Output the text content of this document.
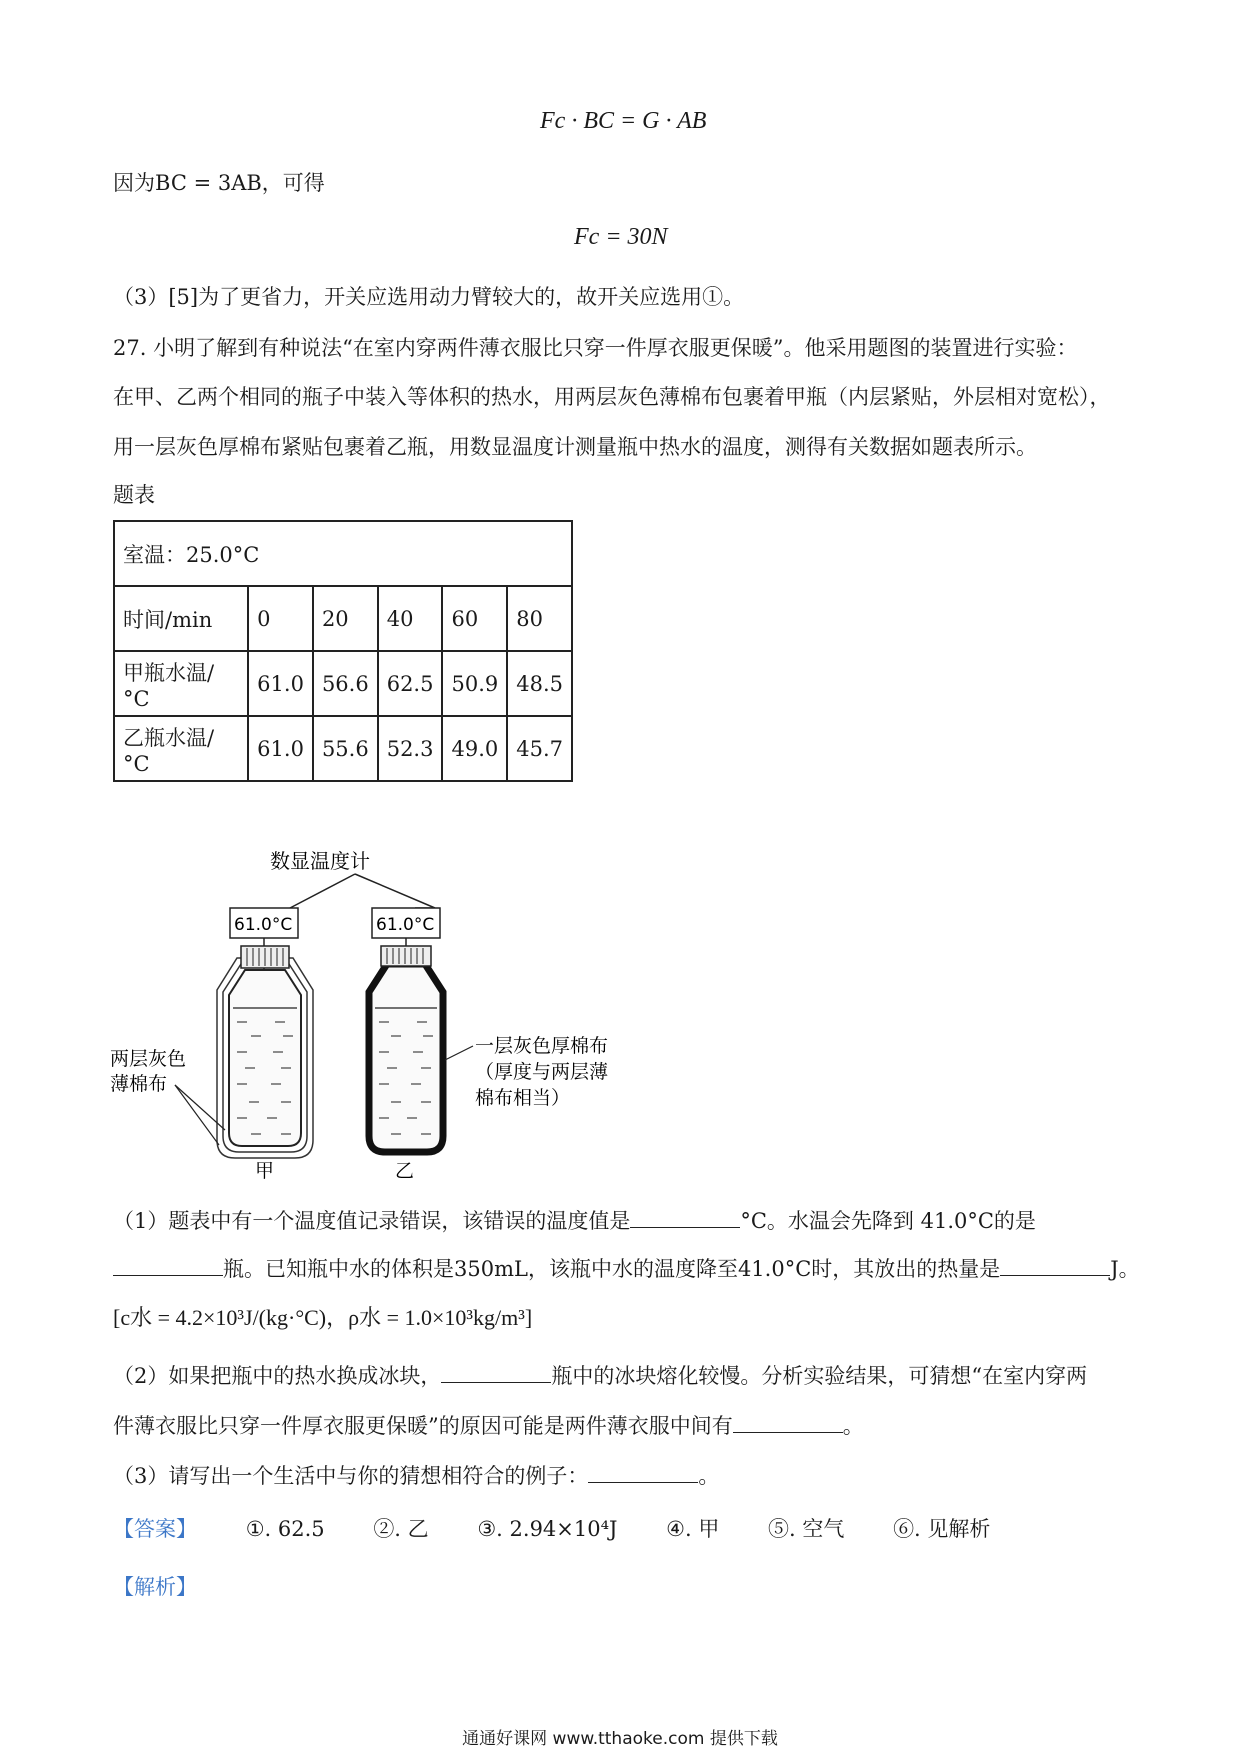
Fc · BC = G · AB
因为BC = 3AB，可得
Fc = 30N
（3）[5]为了更省力，开关应选用动力臂较大的，故开关应选用①。
27. 小明了解到有种说法“在室内穿两件薄衣服比只穿一件厚衣服更保暖”。他采用题图的装置进行实验：
在甲、乙两个相同的瓶子中装入等体积的热水，用两层灰色薄棉布包裹着甲瓶（内层紧贴，外层相对宽松），
用一层灰色厚棉布紧贴包裹着乙瓶，用数显温度计测量瓶中热水的温度，测得有关数据如题表所示。
题表
室温：25.0°C					
时间/min	0	20	40	60	80
甲瓶水温/°C	61.0	56.6	62.5	50.9	48.5
乙瓶水温/°C	61.0	55.6	52.3	49.0	45.7
数显温度计
61.0°C	61.0°C
两层灰色
薄棉布
一层灰色厚棉布
（厚度与两层薄
棉布相当）
甲	乙
（1）题表中有一个温度值记录错误，该错误的温度值是	°C。水温会先降到 41.0°C的是
瓶。已知瓶中水的体积是350mL，该瓶中水的温度降至41.0°C时，其放出的热量是	J。
[c水 = 4.2×10³J/(kg·°C)，ρ水 = 1.0×10³kg/m³]
（2）如果把瓶中的热水换成冰块，	瓶中的冰块熔化较慢。分析实验结果，可猜想“在室内穿两
件薄衣服比只穿一件厚衣服更保暖”的原因可能是两件薄衣服中间有	。
（3）请写出一个生活中与你的猜想相符合的例子：	。
【答案】 ①. 62.5 ②. 乙 ③. 2.94×10⁴J ④. 甲 ⑤. 空气 ⑥. 见解析
【解析】
通通好课网 www.tthaoke.com 提供下载
